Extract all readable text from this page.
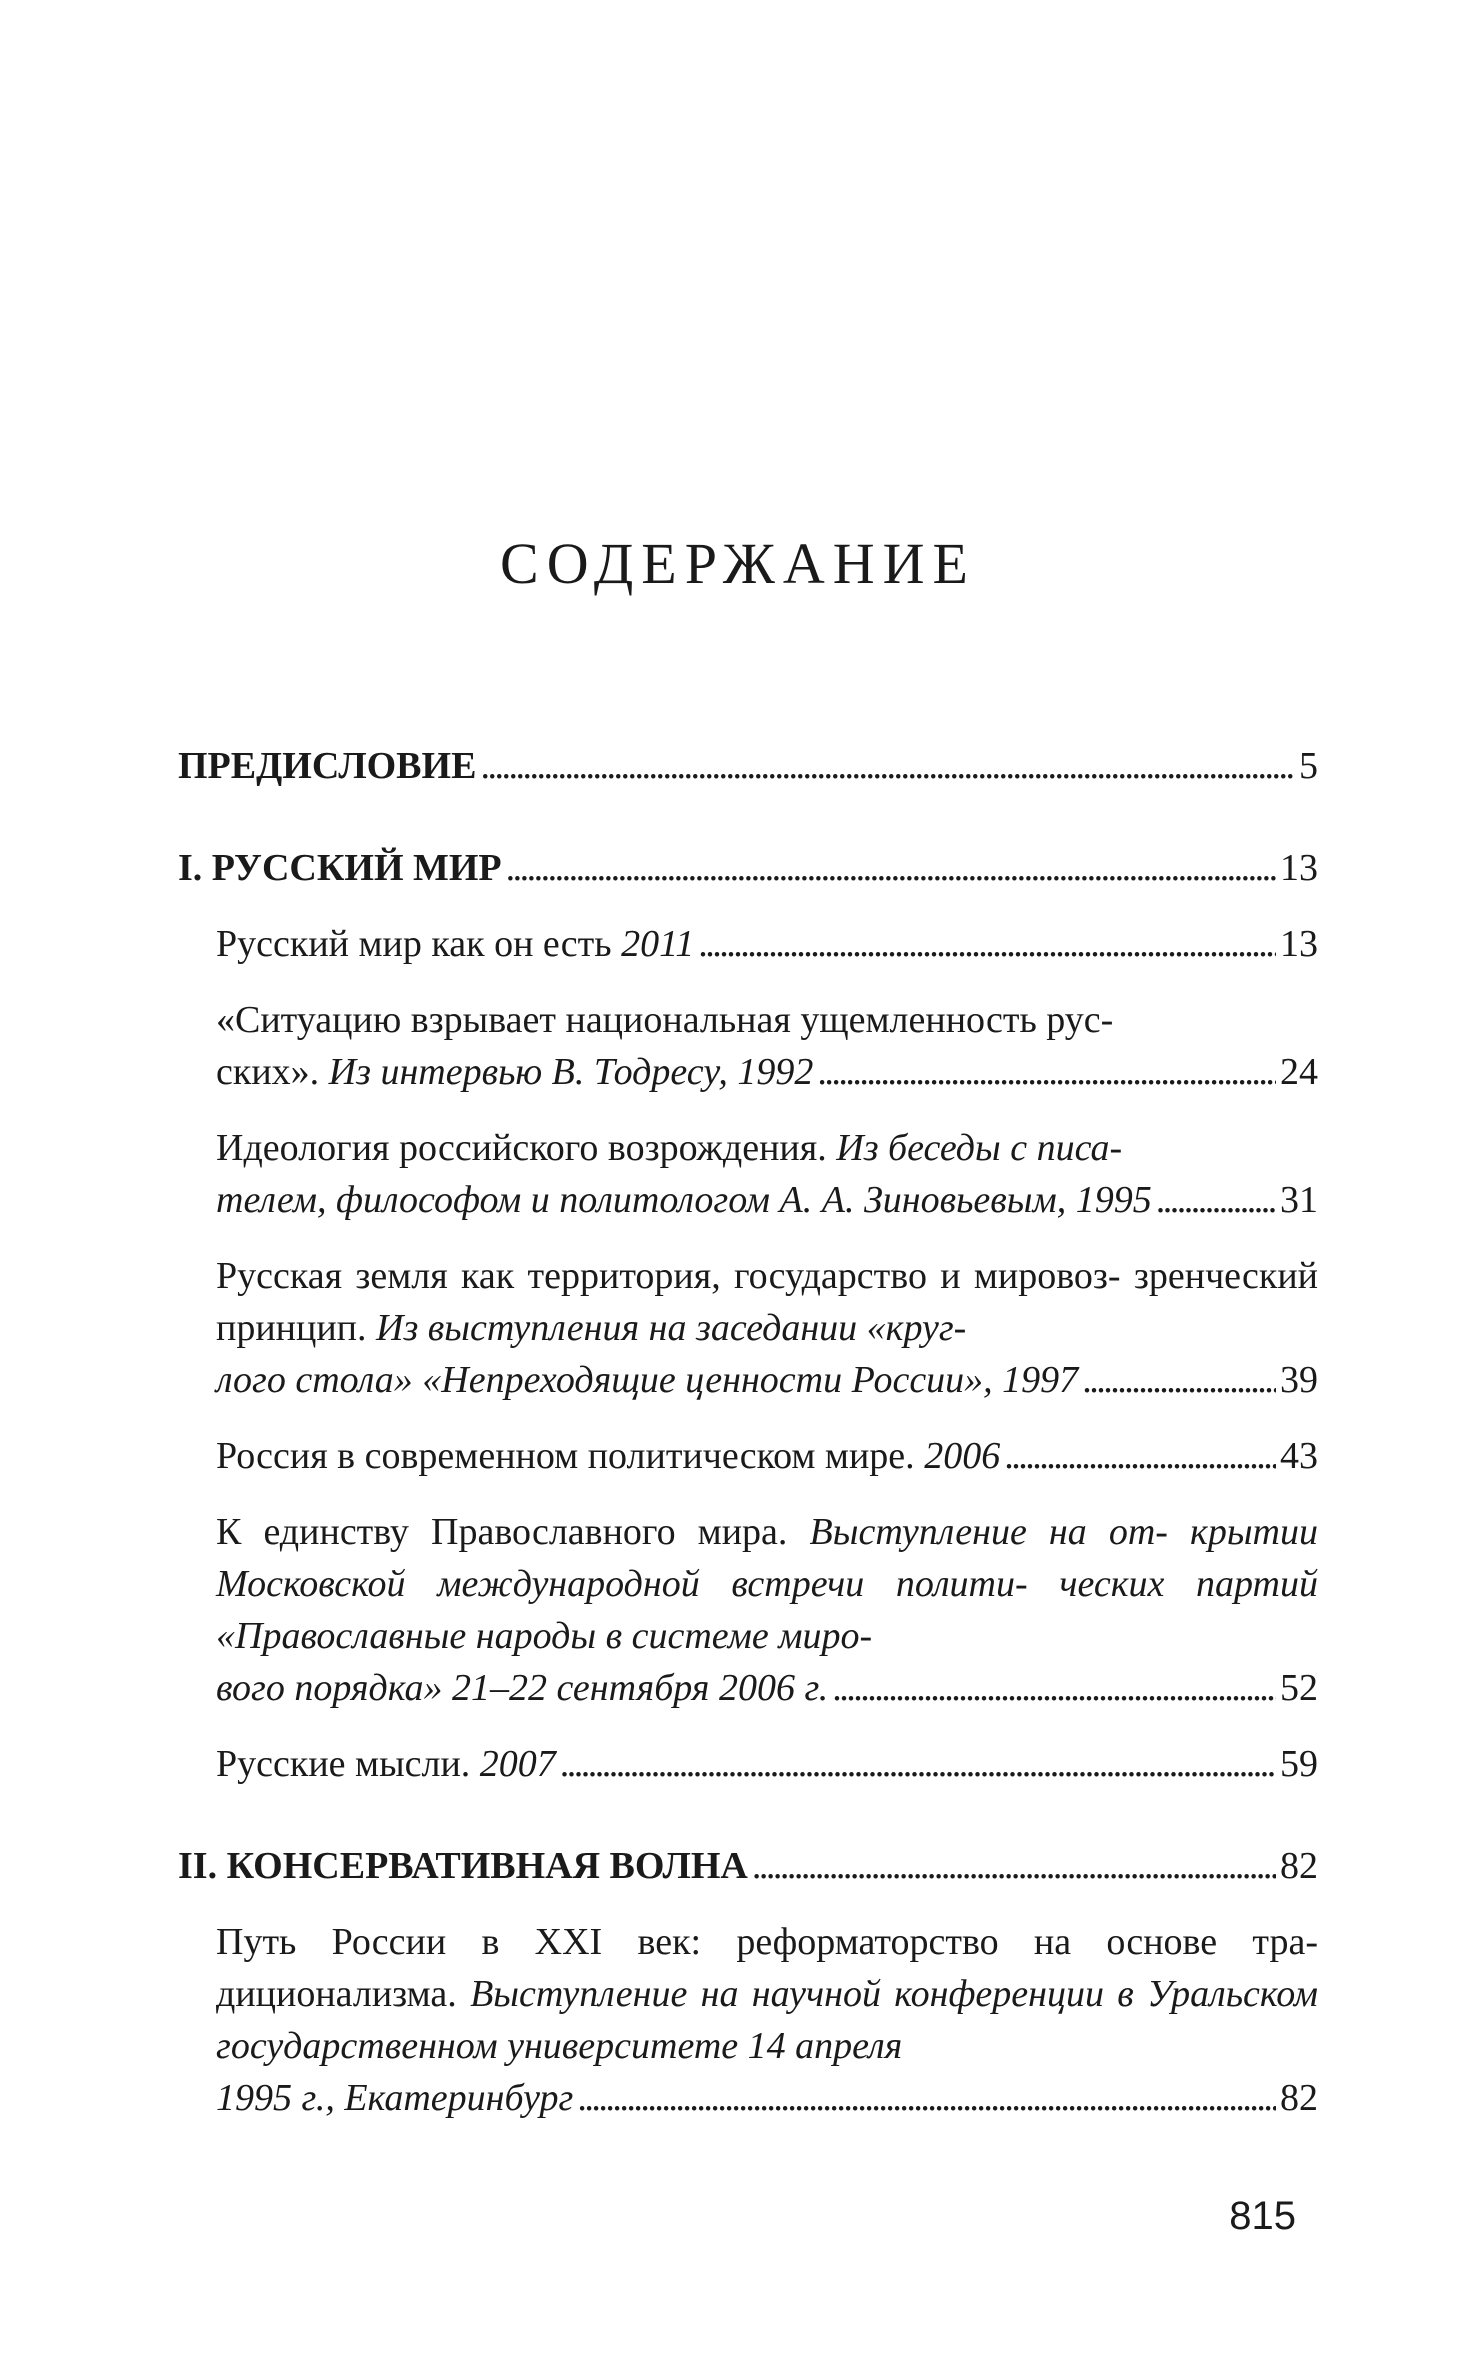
СОДЕРЖАНИЕ
ПРЕДИСЛОВИЕ . . .	5
I. РУССКИЙ МИР . . .	13
Русский мир как он есть 2011 . . .	13
«Ситуацию взрывает национальная ущемленность рус-
ских». Из интервью В. Тодресу, 1992 . . .	24
Идеология российского возрождения. Из беседы с писа-
телем, философом и политологом А. А. Зиновьевым, 1995 . . .	31
Русская земля как территория, государство и мировоз- зренческий принцип. Из выступления на заседании «круг-
лого стола» «Непреходящие ценности России», 1997 . . .	39
Россия в современном политическом мире. 2006 . . .	43
К единству Православного мира. Выступление на от- крытии Московской международной встречи полити- ческих партий «Православные народы в системе миро-
вого порядка» 21–22 сентября 2006 г. . . .	52
Русские мысли. 2007 . . .	59
II. КОНСЕРВАТИВНАЯ ВОЛНА . . .	82
Путь России в XXI век: реформаторство на основе тра- диционализма. Выступление на научной конференции в Уральском государственном университете 14 апреля
1995 г., Екатеринбург . . .	82
815
